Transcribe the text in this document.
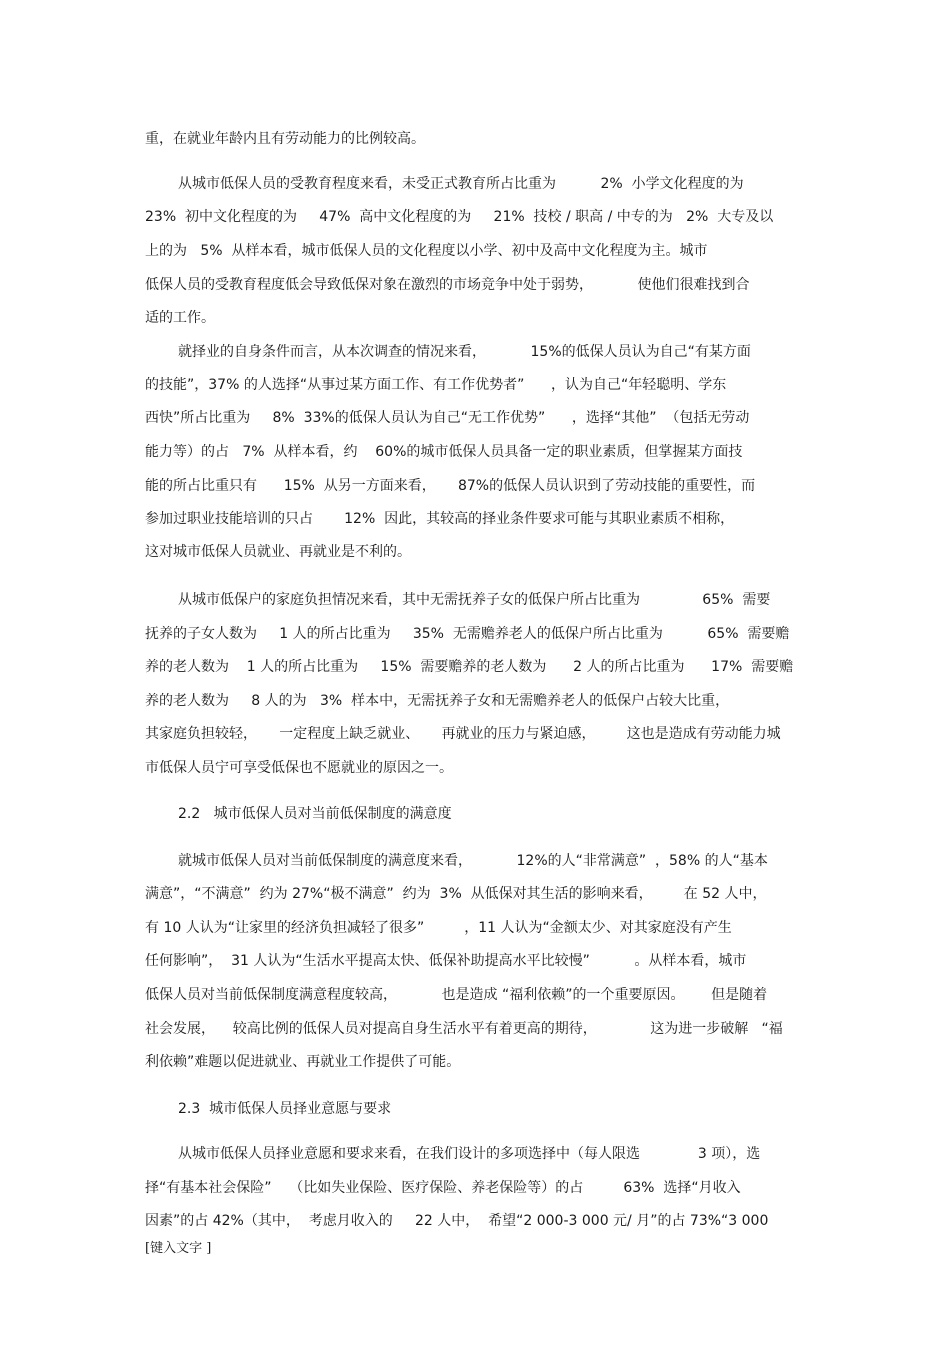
重，在就业年龄内且有劳动能力的比例较高。
从城市低保人员的受教育程度来看，未受正式教育所占比重为          2%  小学文化程度的为
23%  初中文化程度的为     47%  高中文化程度的为     21%  技校 / 职高 / 中专的为   2%  大专及以
上的为   5%  从样本看，城市低保人员的文化程度以小学、初中及高中文化程度为主。城市
低保人员的受教育程度低会导致低保对象在激烈的市场竞争中处于弱势，          使他们很难找到合
适的工作。
就择业的自身条件而言，从本次调查的情况来看，          15%的低保人员认为自己“有某方面
的技能”，37% 的人选择“从事过某方面工作、有工作优势者”      ，认为自己“年轻聪明、学东
西快”所占比重为     8%  33%的低保人员认为自己“无工作优势”      ，选择“其他”  （包括无劳动
能力等）的占   7%  从样本看，约    60%的城市低保人员具备一定的职业素质，但掌握某方面技
能的所占比重只有      15%  从另一方面来看，     87%的低保人员认识到了劳动技能的重要性，而
参加过职业技能培训的只占       12%  因此，其较高的择业条件要求可能与其职业素质不相称，
这对城市低保人员就业、再就业是不利的。
从城市低保户的家庭负担情况来看，其中无需抚养子女的低保户所占比重为              65%  需要
抚养的子女人数为     1 人的所占比重为     35%  无需赡养老人的低保户所占比重为          65%  需要赡
养的老人数为    1 人的所占比重为     15%  需要赡养的老人数为      2 人的所占比重为      17%  需要赡
养的老人数为     8 人的为   3%  样本中，无需抚养子女和无需赡养老人的低保户占较大比重，
其家庭负担较轻，     一定程度上缺乏就业、     再就业的压力与紧迫感，       这也是造成有劳动能力城
市低保人员宁可享受低保也不愿就业的原因之一。
2.2   城市低保人员对当前低保制度的满意度
就城市低保人员对当前低保制度的满意度来看，          12%的人“非常满意”  ，58% 的人“基本
满意”，“不满意”  约为 27%“极不满意”  约为  3%  从低保对其生活的影响来看，       在 52 人中，
有 10 人认为“让家里的经济负担减轻了很多”         ，11 人认为“金额太少、对其家庭没有产生
任何影响”，  31 人认为“生活水平提高太快、低保补助提高水平比较慢”          。从样本看，城市
低保人员对当前低保制度满意程度较高，          也是造成 “福利依赖”的一个重要原因。      但是随着
社会发展，    较高比例的低保人员对提高自身生活水平有着更高的期待，            这为进一步破解   “福
利依赖”难题以促进就业、再就业工作提供了可能。
2.3  城市低保人员择业意愿与要求
从城市低保人员择业意愿和要求来看，在我们设计的多项选择中（每人限选             3 项），选
择“有基本社会保险”    （比如失业保险、医疗保险、养老保险等）的占         63%  选择“月收入
因素”的占 42%（其中，  考虑月收入的     22 人中，  希望“2 000-3 000 元/ 月”的占 73%“3 000
[键入文字 ]
